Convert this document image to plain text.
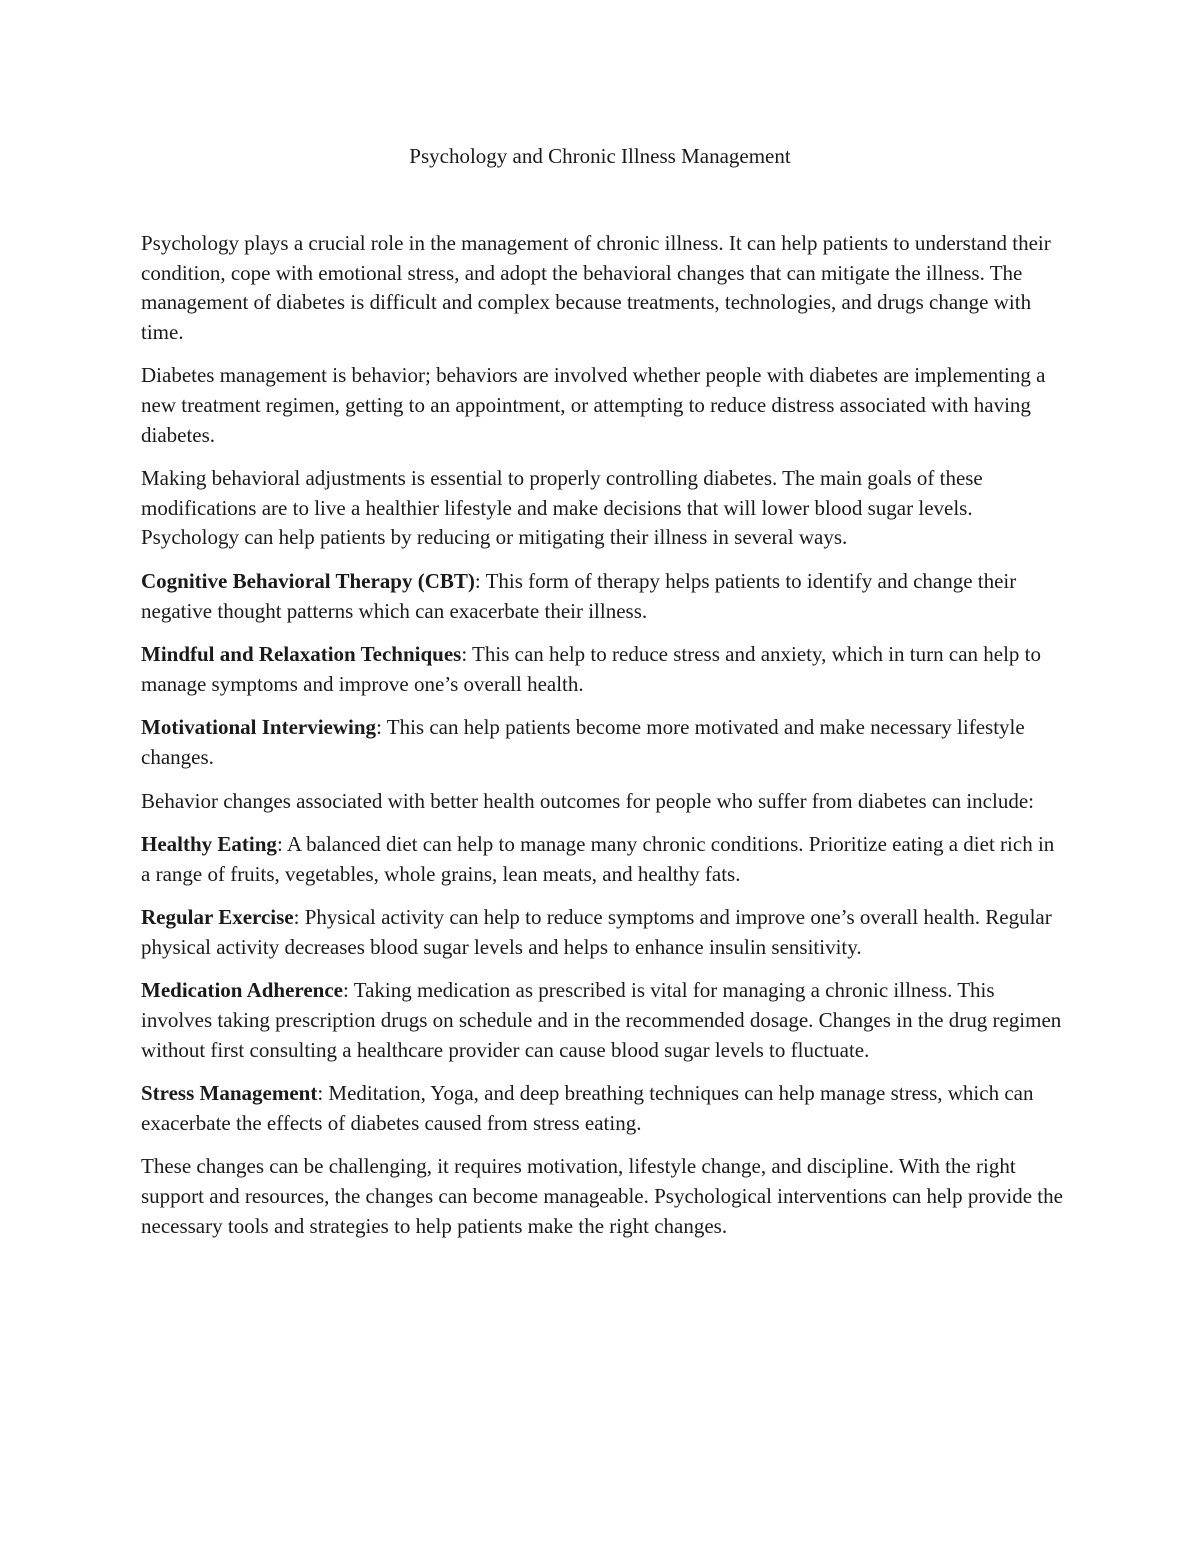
Psychology and Chronic Illness Management

Psychology plays a crucial role in the management of chronic illness. It can help patients to understand their condition, cope with emotional stress, and adopt the behavioral changes that can mitigate the illness. The management of diabetes is difficult and complex because treatments, technologies, and drugs change with time.

Diabetes management is behavior; behaviors are involved whether people with diabetes are implementing a new treatment regimen, getting to an appointment, or attempting to reduce distress associated with having diabetes.

Making behavioral adjustments is essential to properly controlling diabetes. The main goals of these modifications are to live a healthier lifestyle and make decisions that will lower blood sugar levels. Psychology can help patients by reducing or mitigating their illness in several ways.

Cognitive Behavioral Therapy (CBT): This form of therapy helps patients to identify and change their negative thought patterns which can exacerbate their illness.

Mindful and Relaxation Techniques: This can help to reduce stress and anxiety, which in turn can help to manage symptoms and improve one’s overall health.

Motivational Interviewing: This can help patients become more motivated and make necessary lifestyle changes.

Behavior changes associated with better health outcomes for people who suffer from diabetes can include:

Healthy Eating: A balanced diet can help to manage many chronic conditions. Prioritize eating a diet rich in a range of fruits, vegetables, whole grains, lean meats, and healthy fats.

Regular Exercise: Physical activity can help to reduce symptoms and improve one’s overall health. Regular physical activity decreases blood sugar levels and helps to enhance insulin sensitivity.

Medication Adherence: Taking medication as prescribed is vital for managing a chronic illness. This involves taking prescription drugs on schedule and in the recommended dosage. Changes in the drug regimen without first consulting a healthcare provider can cause blood sugar levels to fluctuate.

Stress Management: Meditation, Yoga, and deep breathing techniques can help manage stress, which can exacerbate the effects of diabetes caused from stress eating.

These changes can be challenging, it requires motivation, lifestyle change, and discipline. With the right support and resources, the changes can become manageable. Psychological interventions can help provide the necessary tools and strategies to help patients make the right changes.
